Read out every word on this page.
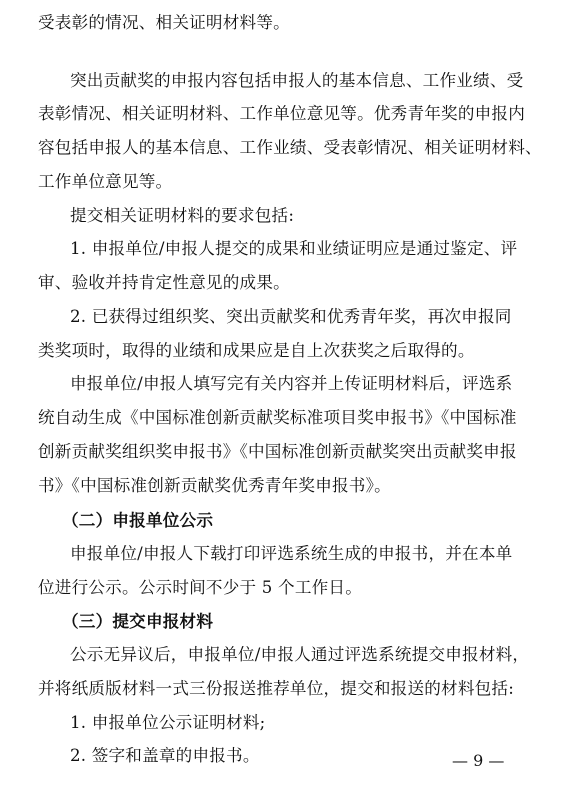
受表彰的情况、相关证明材料等。
突出贡献奖的申报内容包括申报人的基本信息、工作业绩、受
表彰情况、相关证明材料、工作单位意见等。优秀青年奖的申报内
容包括申报人的基本信息、工作业绩、受表彰情况、相关证明材料、
工作单位意见等。
提交相关证明材料的要求包括:
1. 申报单位/申报人提交的成果和业绩证明应是通过鉴定、评
审、验收并持肯定性意见的成果。
2. 已获得过组织奖、突出贡献奖和优秀青年奖，再次申报同
类奖项时，取得的业绩和成果应是自上次获奖之后取得的。
申报单位/申报人填写完有关内容并上传证明材料后，评选系
统自动生成《中国标准创新贡献奖标准项目奖申报书》《中国标准
创新贡献奖组织奖申报书》《中国标准创新贡献奖突出贡献奖申报
书》《中国标准创新贡献奖优秀青年奖申报书》。
（二）申报单位公示
申报单位/申报人下载打印评选系统生成的申报书，并在本单
位进行公示。公示时间不少于 5 个工作日。
（三）提交申报材料
公示无异议后，申报单位/申报人通过评选系统提交申报材料，
并将纸质版材料一式三份报送推荐单位，提交和报送的材料包括:
1. 申报单位公示证明材料;
2. 签字和盖章的申报书。	— 9 —
